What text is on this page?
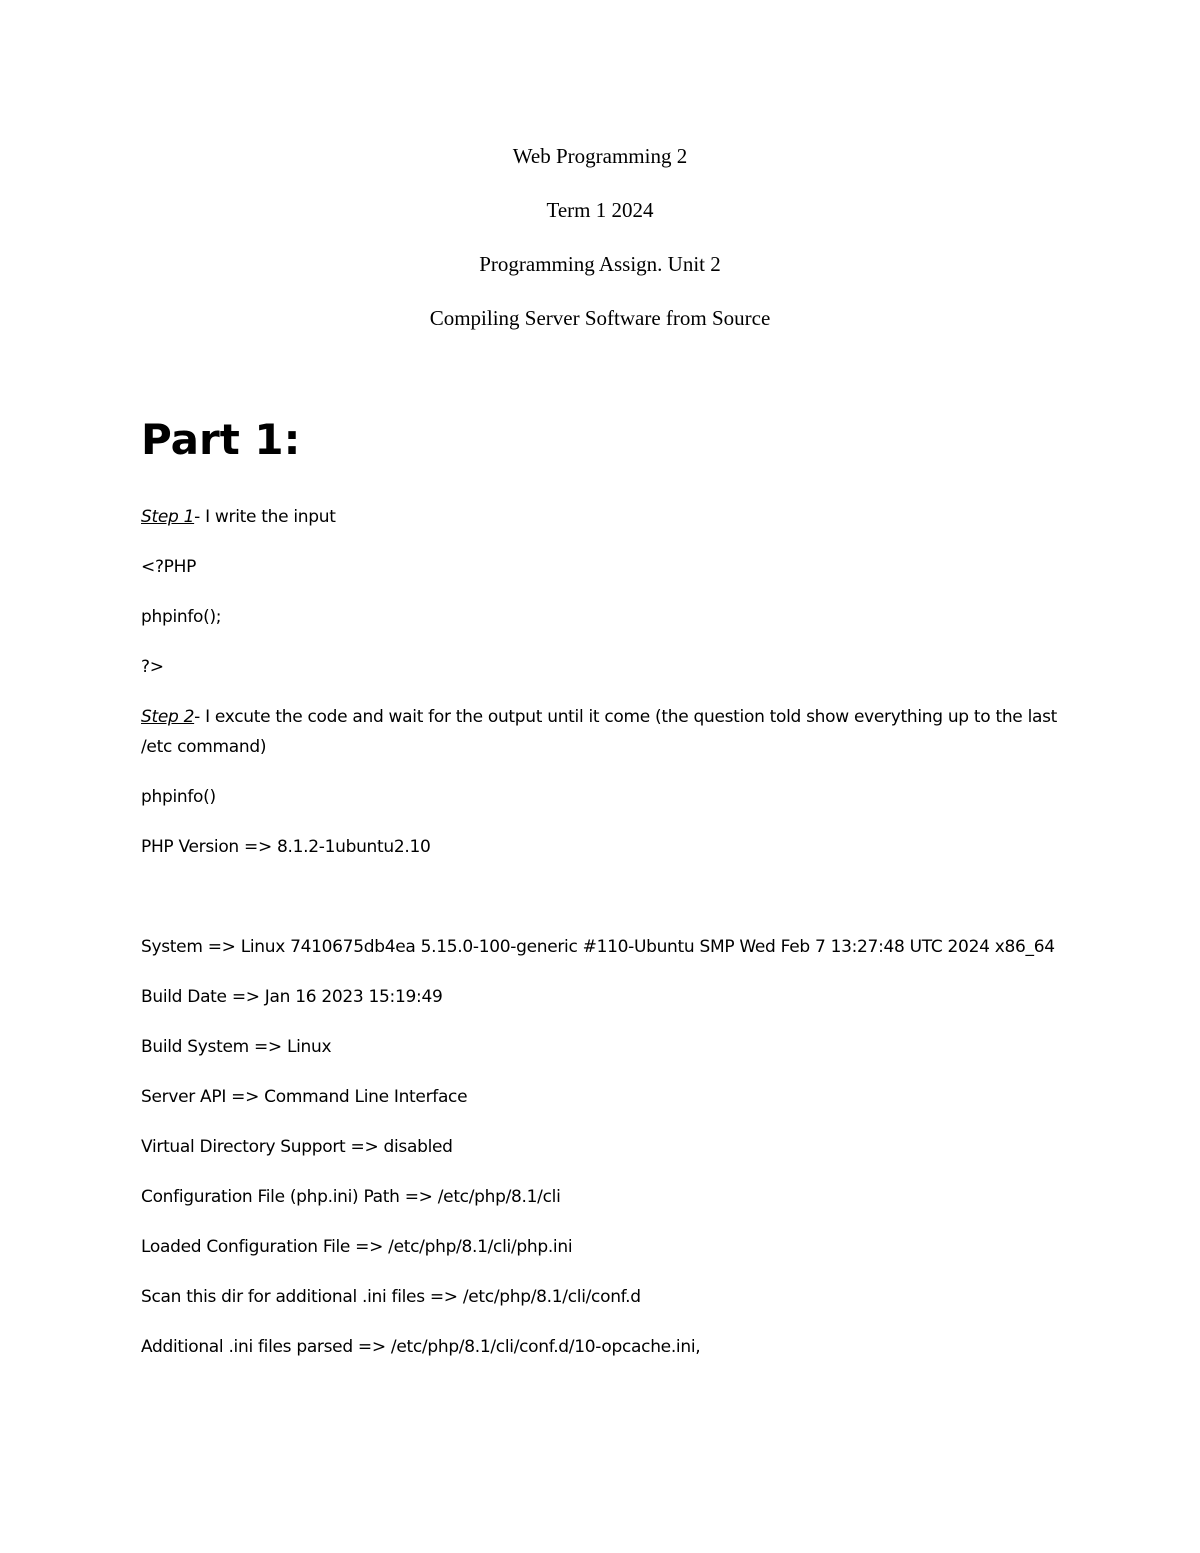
Web Programming 2
Term 1 2024
Programming Assign. Unit 2
Compiling Server Software from Source
Part 1:
Step 1- I write the input
<?PHP
phpinfo();
?>
Step 2- I excute the code and wait for the output until it come (the question told show everything up to the last /etc command)
phpinfo()
PHP Version => 8.1.2-1ubuntu2.10
System => Linux 7410675db4ea 5.15.0-100-generic #110-Ubuntu SMP Wed Feb 7 13:27:48 UTC 2024 x86_64
Build Date => Jan 16 2023 15:19:49
Build System => Linux
Server API => Command Line Interface
Virtual Directory Support => disabled
Configuration File (php.ini) Path => /etc/php/8.1/cli
Loaded Configuration File => /etc/php/8.1/cli/php.ini
Scan this dir for additional .ini files => /etc/php/8.1/cli/conf.d
Additional .ini files parsed => /etc/php/8.1/cli/conf.d/10-opcache.ini,
